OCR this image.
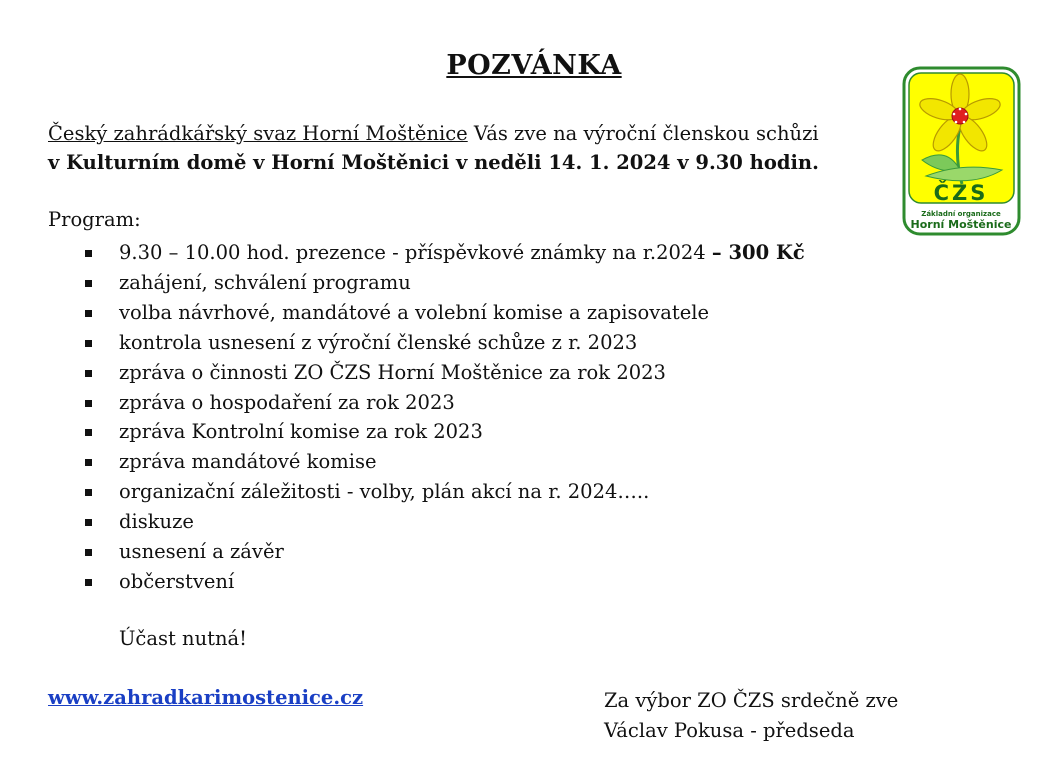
POZVÁNKA
Český zahrádkářský svaz Horní Moštěnice Vás zve na výroční členskou schůzi
v Kulturním domě v Horní Moštěnici v neděli 14. 1. 2024 v 9.30 hodin.
Program:
9.30 – 10.00 hod. prezence - příspěvkové známky na r.2024 – 300 Kč
zahájení, schválení programu
volba návrhové, mandátové a volební komise a zapisovatele
kontrola usnesení z výroční členské schůze z r. 2023
zpráva o činnosti ZO ČZS Horní Moštěnice za rok 2023
zpráva o hospodaření za rok 2023
zpráva Kontrolní komise za rok 2023
zpráva mandátové komise
organizační záležitosti - volby, plán akcí na r. 2024…..
diskuze
usnesení a závěr
občerstvení
Účast nutná!
www.zahradkarimostenice.cz	Za výbor ZO ČZS srdečně zve
Václav Pokusa - předseda
ČZS
Základní organizace
Horní Moštěnice
